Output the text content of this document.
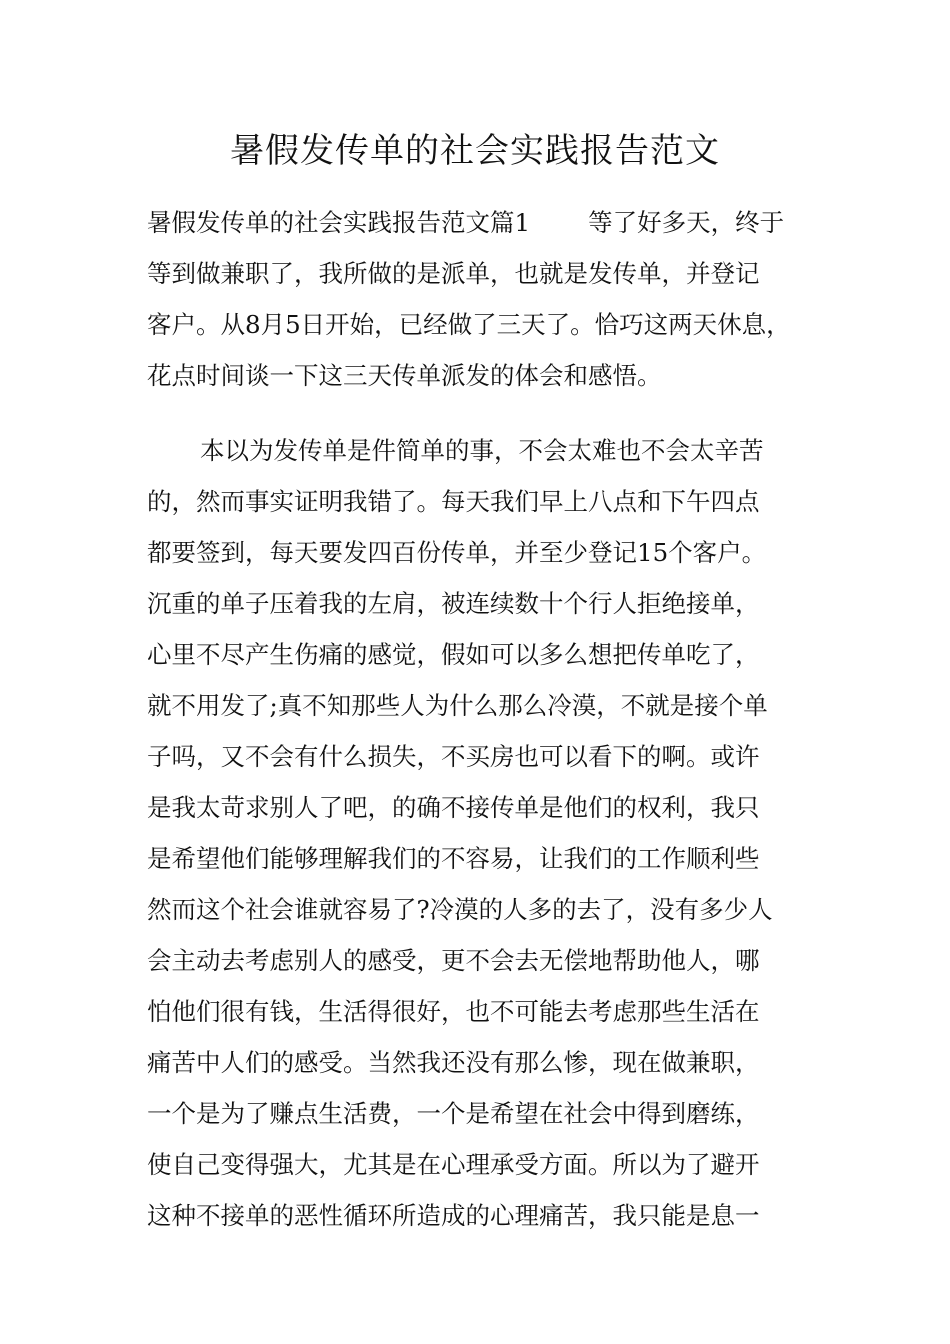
暑假发传单的社会实践报告范文

暑假发传单的社会实践报告范文篇1 等了好多天，终于

等到做兼职了，我所做的是派单，也就是发传单，并登记

客户。从8月5日开始，已经做了三天了。恰巧这两天休息，

花点时间谈一下这三天传单派发的体会和感悟。

本以为发传单是件简单的事，不会太难也不会太辛苦

的，然而事实证明我错了。每天我们早上八点和下午四点

都要签到，每天要发四百份传单，并至少登记15个客户。

沉重的单子压着我的左肩，被连续数十个行人拒绝接单，

心里不尽产生伤痛的感觉，假如可以多么想把传单吃了，

就不用发了;真不知那些人为什么那么冷漠，不就是接个单

子吗，又不会有什么损失，不买房也可以看下的啊。或许

是我太苛求别人了吧，的确不接传单是他们的权利，我只

是希望他们能够理解我们的不容易，让我们的工作顺利些

然而这个社会谁就容易了?冷漠的人多的去了，没有多少人

会主动去考虑别人的感受，更不会去无偿地帮助他人，哪

怕他们很有钱，生活得很好，也不可能去考虑那些生活在

痛苦中人们的感受。当然我还没有那么惨，现在做兼职，

一个是为了赚点生活费，一个是希望在社会中得到磨练，

使自己变得强大，尤其是在心理承受方面。所以为了避开

这种不接单的恶性循环所造成的心理痛苦，我只能是息一
